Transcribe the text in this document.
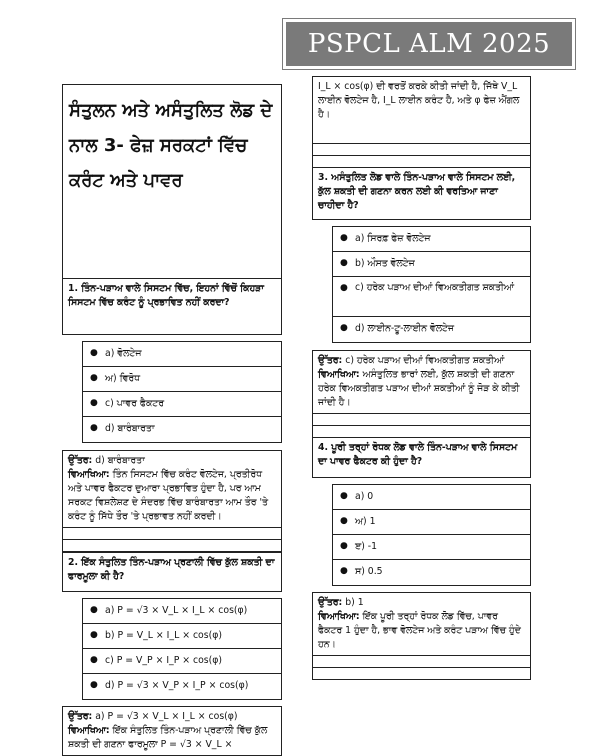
PSPCL ALM 2025
ਸੰਤੁਲਨ ਅਤੇ ਅਸੰਤੁਲਿਤ ਲੋਡ ਦੇ ਨਾਲ 3- ਫੇਜ਼ ਸਰਕਟਾਂ ਵਿੱਚ ਕਰੰਟ ਅਤੇ ਪਾਵਰ
1. ਤਿੰਨ-ਪੜਾਅ ਵਾਲੇ ਸਿਸਟਮ ਵਿੱਚ, ਇਹਨਾਂ ਵਿੱਚੋਂ ਕਿਹੜਾ ਸਿਸਟਮ ਵਿੱਚ ਕਰੰਟ ਨੂੰ ਪ੍ਰਭਾਵਿਤ ਨਹੀਂ ਕਰਦਾ?
● a) ਵੋਲਟੇਜ
● ਅ) ਵਿਰੋਧ
● c) ਪਾਵਰ ਫੈਕਟਰ
● d) ਬਾਰੰਬਾਰਤਾ
ਉੱਤਰ: d) ਬਾਰੰਬਾਰਤਾ
ਵਿਆਖਿਆ: ਤਿੰਨ ਸਿਸਟਮ ਵਿੱਚ ਕਰੰਟ ਵੋਲਟੇਜ, ਪ੍ਰਤੀਰੋਧ ਅਤੇ ਪਾਵਰ ਫੈਕਟਰ ਦੁਆਰਾ ਪ੍ਰਭਾਵਿਤ ਹੁੰਦਾ ਹੈ, ਪਰ ਆਮ ਸਰਕਟ ਵਿਸ਼ਲੇਸ਼ਣ ਦੇ ਸੰਦਰਭ ਵਿੱਚ ਬਾਰੰਬਾਰਤਾ ਆਮ ਤੌਰ 'ਤੇ ਕਰੰਟ ਨੂੰ ਸਿੱਧੇ ਤੌਰ 'ਤੇ ਪ੍ਰਭਾਵਤ ਨਹੀਂ ਕਰਦੀ।
2. ਇੱਕ ਸੰਤੁਲਿਤ ਤਿੰਨ-ਪੜਾਅ ਪ੍ਰਣਾਲੀ ਵਿੱਚ ਕੁੱਲ ਸ਼ਕਤੀ ਦਾ ਫਾਰਮੂਲਾ ਕੀ ਹੈ?
● a) P = √3 × V_L × I_L × cos(φ)
● b) P = V_L × I_L × cos(φ)
● c) P = V_P × I_P × cos(φ)
● d) P = √3 × V_P × I_P × cos(φ)
ਉੱਤਰ: a) P = √3 × V_L × I_L × cos(φ)
ਵਿਆਖਿਆ: ਇੱਕ ਸੰਤੁਲਿਤ ਤਿੰਨ-ਪੜਾਅ ਪ੍ਰਣਾਲੀ ਵਿੱਚ ਕੁੱਲ ਸ਼ਕਤੀ ਦੀ ਗਣਨਾ ਫਾਰਮੂਲਾ P = √3 × V_L ×
I_L × cos(φ) ਦੀ ਵਰਤੋਂ ਕਰਕੇ ਕੀਤੀ ਜਾਂਦੀ ਹੈ, ਜਿੱਥੇ V_L ਲਾਈਨ ਵੋਲਟੇਜ ਹੈ, I_L ਲਾਈਨ ਕਰੰਟ ਹੈ, ਅਤੇ φ ਫੇਜ਼ ਐਂਗਲ ਹੈ।
3. ਅਸੰਤੁਲਿਤ ਲੋਡ ਵਾਲੇ ਤਿੰਨ-ਪੜਾਅ ਵਾਲੇ ਸਿਸਟਮ ਲਈ, ਕੁੱਲ ਸ਼ਕਤੀ ਦੀ ਗਣਨਾ ਕਰਨ ਲਈ ਕੀ ਵਰਤਿਆ ਜਾਣਾ ਚਾਹੀਦਾ ਹੈ?
● a) ਸਿਰਫ਼ ਫੇਜ਼ ਵੋਲਟੇਜ
● b) ਔਸਤ ਵੋਲਟੇਜ
● c) ਹਰੇਕ ਪੜਾਅ ਦੀਆਂ ਵਿਅਕਤੀਗਤ ਸ਼ਕਤੀਆਂ
● d) ਲਾਈਨ-ਟੂ-ਲਾਈਨ ਵੋਲਟੇਜ
ਉੱਤਰ: c) ਹਰੇਕ ਪੜਾਅ ਦੀਆਂ ਵਿਅਕਤੀਗਤ ਸ਼ਕਤੀਆਂ
ਵਿਆਖਿਆ: ਅਸੰਤੁਲਿਤ ਭਾਰਾਂ ਲਈ, ਕੁੱਲ ਸ਼ਕਤੀ ਦੀ ਗਣਨਾ ਹਰੇਕ ਵਿਅਕਤੀਗਤ ਪੜਾਅ ਦੀਆਂ ਸ਼ਕਤੀਆਂ ਨੂੰ ਜੋੜ ਕੇ ਕੀਤੀ ਜਾਂਦੀ ਹੈ।
4. ਪੂਰੀ ਤਰ੍ਹਾਂ ਰੋਧਕ ਲੋਡ ਵਾਲੇ ਤਿੰਨ-ਪੜਾਅ ਵਾਲੇ ਸਿਸਟਮ ਦਾ ਪਾਵਰ ਫੈਕਟਰ ਕੀ ਹੁੰਦਾ ਹੈ?
● a) 0
● ਅ) 1
● ੲ) -1
● ਸ) 0.5
ਉੱਤਰ: b) 1
ਵਿਆਖਿਆ: ਇੱਕ ਪੂਰੀ ਤਰ੍ਹਾਂ ਰੋਧਕ ਲੋਡ ਵਿੱਚ, ਪਾਵਰ ਫੈਕਟਰ 1 ਹੁੰਦਾ ਹੈ, ਭਾਵ ਵੋਲਟੇਜ ਅਤੇ ਕਰੰਟ ਪੜਾਅ ਵਿੱਚ ਹੁੰਦੇ ਹਨ।
